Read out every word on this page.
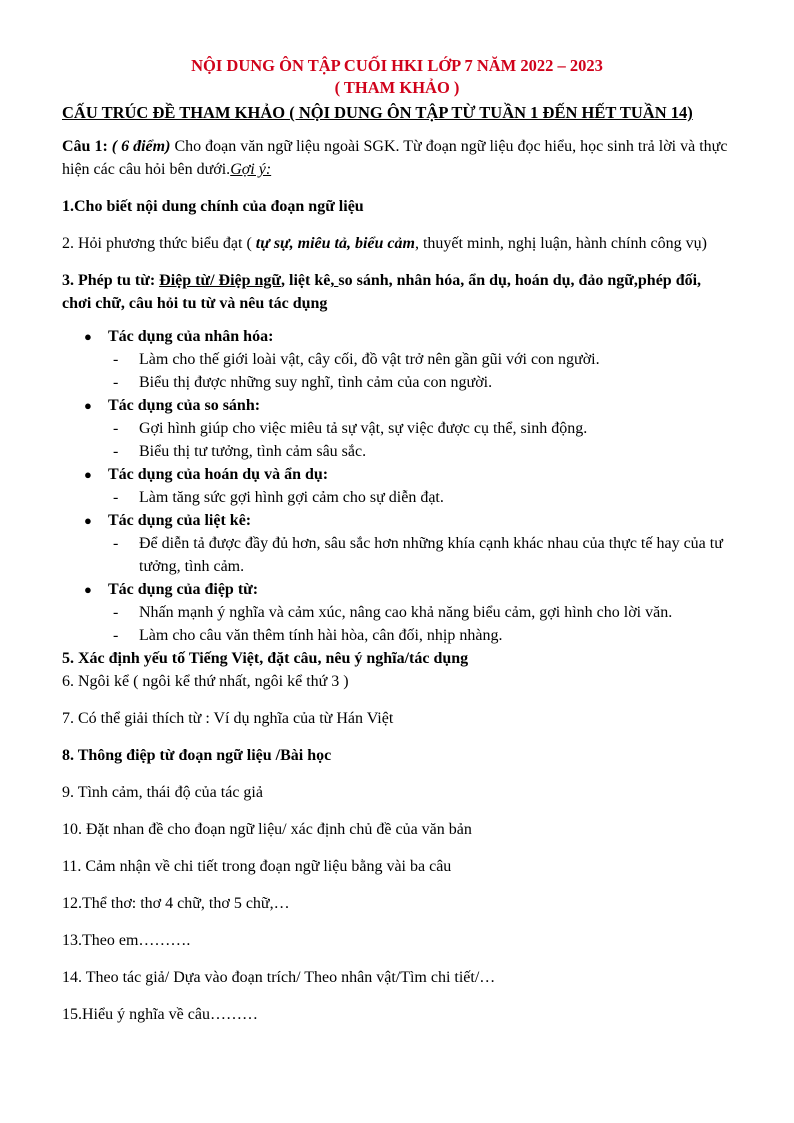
NỘI DUNG ÔN TẬP CUỐI HKI LỚP 7 NĂM 2022 – 2023
( THAM KHẢO )
CẤU TRÚC ĐỀ THAM KHẢO ( NỘI DUNG ÔN TẬP TỪ TUẦN 1 ĐẾN HẾT TUẦN 14)

Câu 1: ( 6 điểm) Cho đoạn văn ngữ liệu ngoài SGK. Từ đoạn ngữ liệu đọc hiểu, học sinh trả lời và thực hiện các câu hỏi bên dưới.Gợi ý:

1.Cho biết nội dung chính của đoạn ngữ liệu

2. Hỏi phương thức biểu đạt ( tự sự, miêu tả, biểu cảm, thuyết minh, nghị luận, hành chính công vụ)

3. Phép tu từ: Điệp từ/ Điệp ngữ, liệt kê, so sánh, nhân hóa, ẩn dụ, hoán dụ, đảo ngữ,phép đối, chơi chữ, câu hỏi tu từ và nêu tác dụng

● Tác dụng của nhân hóa:
- Làm cho thế giới loài vật, cây cối, đồ vật trở nên gần gũi với con người.
- Biểu thị được những suy nghĩ, tình cảm của con người.
● Tác dụng của so sánh:
- Gợi hình giúp cho việc miêu tả sự vật, sự việc được cụ thể, sinh động.
- Biểu thị tư tưởng, tình cảm sâu sắc.
● Tác dụng của hoán dụ và ẩn dụ:
- Làm tăng sức gợi hình gợi cảm cho sự diễn đạt.
● Tác dụng của liệt kê:
- Để diễn tả được đầy đủ hơn, sâu sắc hơn những khía cạnh khác nhau của thực tế hay của tư tưởng, tình cảm.
● Tác dụng của điệp từ:
- Nhấn mạnh ý nghĩa và cảm xúc, nâng cao khả năng biểu cảm, gợi hình cho lời văn.
- Làm cho câu văn thêm tính hài hòa, cân đối, nhịp nhàng.

5. Xác định yếu tố Tiếng Việt, đặt câu, nêu ý nghĩa/tác dụng

6. Ngôi kể ( ngôi kể thứ nhất, ngôi kể thứ 3 )

7. Có thể giải thích từ : Ví dụ nghĩa của từ Hán Việt

8. Thông điệp từ đoạn ngữ liệu /Bài học

9. Tình cảm, thái độ của tác giả

10. Đặt nhan đề cho đoạn ngữ liệu/ xác định chủ đề của văn bản

11. Cảm nhận về chi tiết trong đoạn ngữ liệu bằng vài ba câu

12.Thể thơ: thơ 4 chữ, thơ 5 chữ,…

13.Theo em……….

14. Theo tác giả/ Dựa vào đoạn trích/ Theo nhân vật/Tìm chi tiết/…

15.Hiểu ý nghĩa về câu………
